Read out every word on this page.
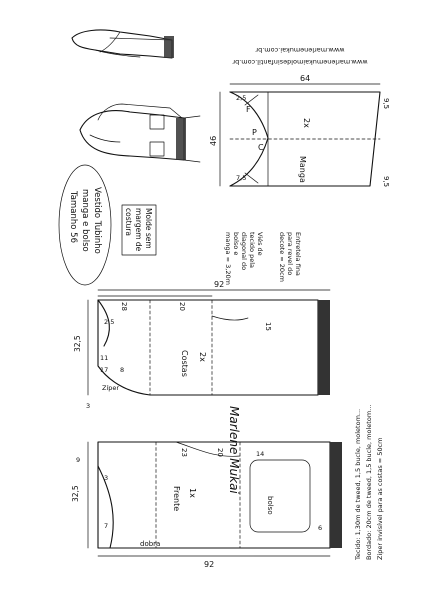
Vestido Tubinho
manga e bolso
Tamanho 56	Molde sem
margem de
costura
www.marlenemukai.com.br
www.marlenemukaimoldesinfantil.com.br
64
46
9,5
9,5
2,5
7,5
P
F
C
Manga
2x
Viés de
tecido pela
diagonal do
bolso e
manga = 3,20m	Entretela fina
para revel do
decote = 20cm
92
28	20
15
32,5
2,5
3
Costas 2x
Zíper
11
17 8
Marlene Mukai
92
32,5
9
23	20
Frente 1x
dobra
bolso
3
7
14
6	Tecido: 1,30m de tweed, 1,5 bucle, moletom... Bordado: 20cm de tweed, 1,5 bucle, moletom... Ziper invisível para as costas = 50cm
